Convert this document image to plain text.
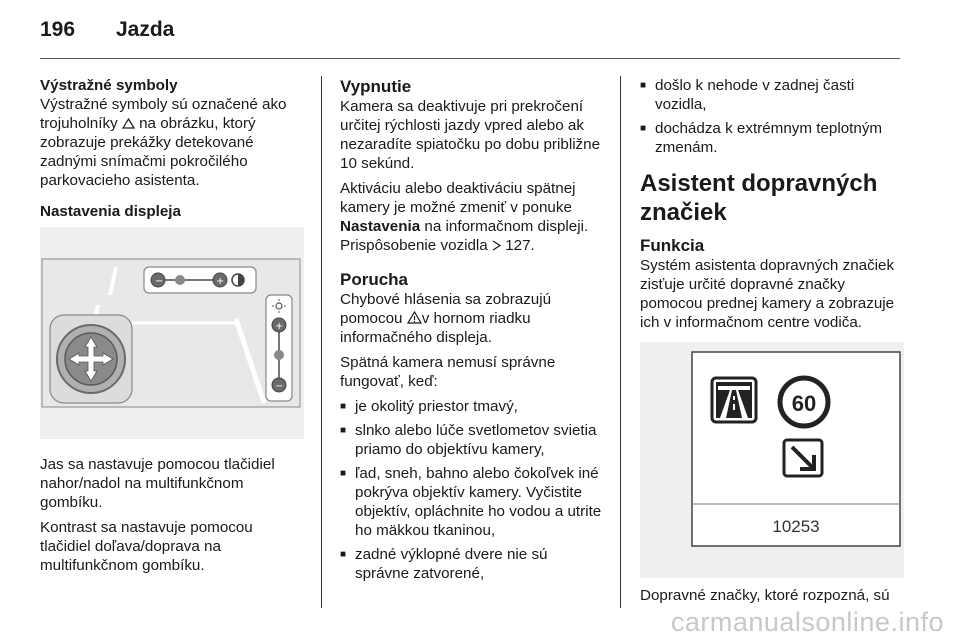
196 Jazda
Výstražné symboly

Výstražné symboly sú označené ako trojuholníky  na obrázku, ktorý zobrazuje prekážky detekované zadnými snímačmi pokročilého parkovacieho asistenta.

Nastavenia displeja
−	+
+
−

Jas sa nastavuje pomocou tlačidiel nahor/nadol na multifunkčnom gombíku.

Kontrast sa nastavuje pomocou tlačidiel doľava/doprava na multifunkčnom gombíku.

Vypnutie

Kamera sa deaktivuje pri prekročení určitej rýchlosti jazdy vpred alebo ak nezaradíte spiatočku po dobu približne 10 sekúnd.

Aktiváciu alebo deaktiváciu spätnej kamery je možné zmeniť v ponuke Nastavenia na informačnom displeji. Prispôsobenie vozidla  127.

Porucha

Chybové hlásenia sa zobrazujú pomocou v hornom riadku informačného displeja.

Spätná kamera nemusí správne fungovať, keď:

■ je okolitý priestor tmavý,
■ slnko alebo lúče svetlometov svietia priamo do objektívu kamery,
■ ľad, sneh, bahno alebo čokoľvek iné pokrýva objektív kamery. Vyčistite objektív, opláchnite ho vodou a utrite ho mäkkou tkaninou,
■ zadné výklopné dvere nie sú správne zatvorené,
■ došlo k nehode v zadnej časti vozidla,
■ dochádza k extrémnym teplotným zmenám.
Asistent dopravných značiek
Funkcia

Systém asistenta dopravných značiek zisťuje určité dopravné značky pomocou prednej kamery a zobrazuje ich v informačnom centre vodiča.

60
10253

Dopravné značky, ktoré rozpozná, sú

carmanualsonline.info
